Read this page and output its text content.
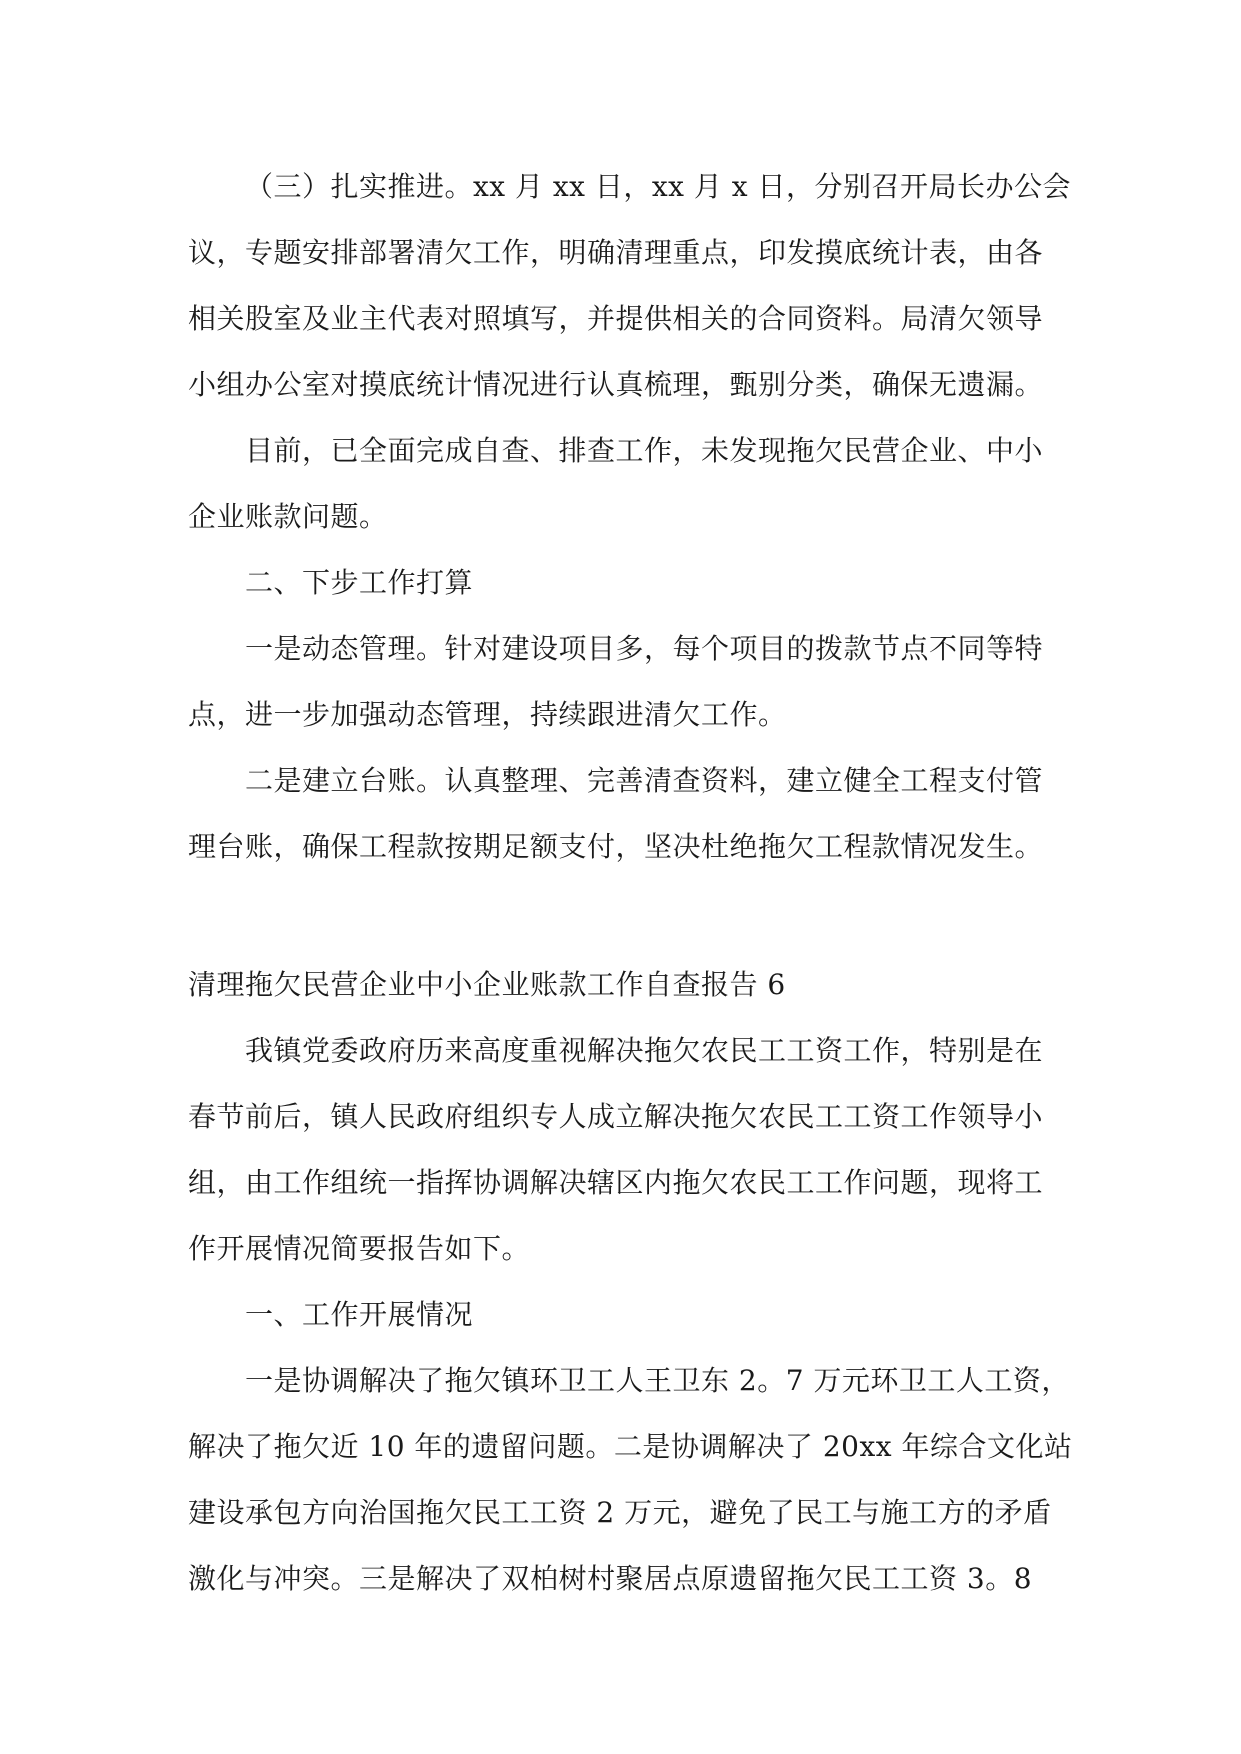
（三）扎实推进。xx 月 xx 日，xx 月 x 日，分别召开局长办公会
议，专题安排部署清欠工作，明确清理重点，印发摸底统计表，由各
相关股室及业主代表对照填写，并提供相关的合同资料。局清欠领导
小组办公室对摸底统计情况进行认真梳理，甄别分类，确保无遗漏。
目前，已全面完成自查、排查工作，未发现拖欠民营企业、中小
企业账款问题。
二、下步工作打算
一是动态管理。针对建设项目多，每个项目的拨款节点不同等特
点，进一步加强动态管理，持续跟进清欠工作。
二是建立台账。认真整理、完善清查资料，建立健全工程支付管
理台账，确保工程款按期足额支付，坚决杜绝拖欠工程款情况发生。
清理拖欠民营企业中小企业账款工作自查报告 6
我镇党委政府历来高度重视解决拖欠农民工工资工作，特别是在
春节前后，镇人民政府组织专人成立解决拖欠农民工工资工作领导小
组，由工作组统一指挥协调解决辖区内拖欠农民工工作问题，现将工
作开展情况简要报告如下。
一、工作开展情况
一是协调解决了拖欠镇环卫工人王卫东 2。7 万元环卫工人工资，
解决了拖欠近 10 年的遗留问题。二是协调解决了 20xx 年综合文化站
建设承包方向治国拖欠民工工资 2 万元，避免了民工与施工方的矛盾
激化与冲突。三是解决了双柏树村聚居点原遗留拖欠民工工资 3。8
